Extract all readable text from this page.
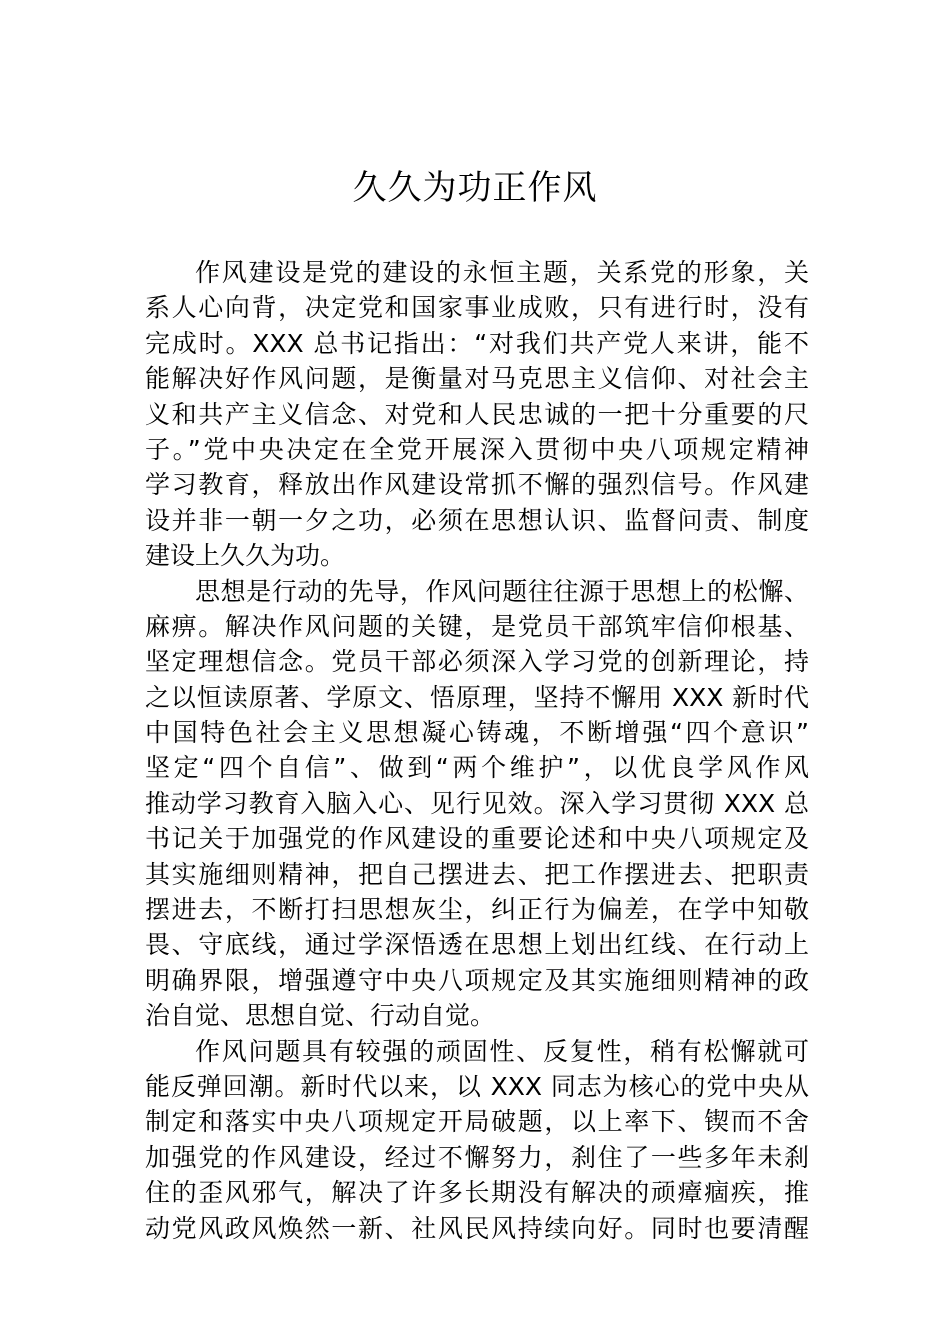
久久为功正作风
作风建设是党的建设的永恒主题，关系党的形象，关
系人心向背，决定党和国家事业成败，只有进行时，没有
完成时。XXX 总书记指出：“对我们共产党人来讲，能不
能解决好作风问题，是衡量对马克思主义信仰、对社会主
义和共产主义信念、对党和人民忠诚的一把十分重要的尺
子。”党中央决定在全党开展深入贯彻中央八项规定精神
学习教育，释放出作风建设常抓不懈的强烈信号。作风建
设并非一朝一夕之功，必须在思想认识、监督问责、制度
建设上久久为功。
思想是行动的先导，作风问题往往源于思想上的松懈、
麻痹。解决作风问题的关键，是党员干部筑牢信仰根基、
坚定理想信念。党员干部必须深入学习党的创新理论，持
之以恒读原著、学原文、悟原理，坚持不懈用 XXX 新时代
中国特色社会主义思想凝心铸魂，不断增强“四个意识”
坚定“四个自信”、做到“两个维护”，以优良学风作风
推动学习教育入脑入心、见行见效。深入学习贯彻 XXX 总
书记关于加强党的作风建设的重要论述和中央八项规定及
其实施细则精神，把自己摆进去、把工作摆进去、把职责
摆进去，不断打扫思想灰尘，纠正行为偏差，在学中知敬
畏、守底线，通过学深悟透在思想上划出红线、在行动上
明确界限，增强遵守中央八项规定及其实施细则精神的政
治自觉、思想自觉、行动自觉。
作风问题具有较强的顽固性、反复性，稍有松懈就可
能反弹回潮。新时代以来，以 XXX 同志为核心的党中央从
制定和落实中央八项规定开局破题，以上率下、锲而不舍
加强党的作风建设，经过不懈努力，刹住了一些多年未刹
住的歪风邪气，解决了许多长期没有解决的顽瘴痼疾，推
动党风政风焕然一新、社风民风持续向好。同时也要清醒
